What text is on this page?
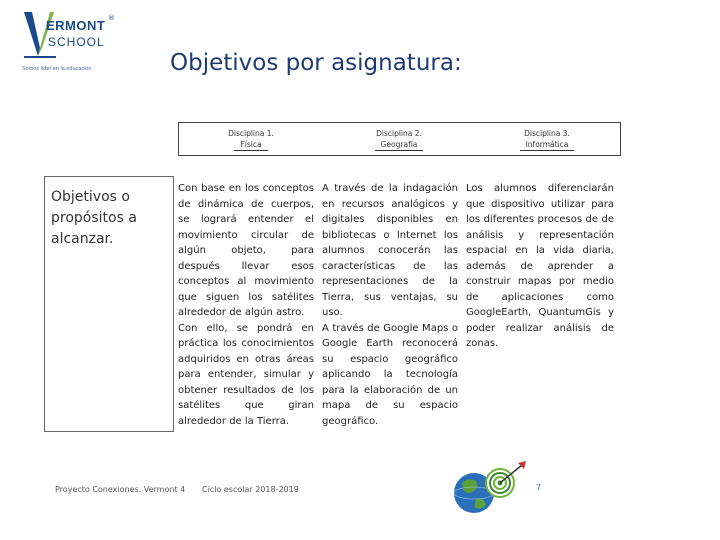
ERMONT ®
SCHOOL
Somos líder en la educación	Objetivos por asignatura:
Disciplina 1.
Física
Disciplina 2.
Geografía
Disciplina 3.
Informática
Objetivos o propósitos a alcanzar.

Con base en los conceptos de dinámica de cuerpos, se logrará entender el movimiento circular de algún objeto, para después llevar esos conceptos al movimiento que siguen los satélites alrededor de algún astro.

Con ello, se pondrá en práctica los conocimientos adquiridos en otras áreas para entender, simular y obtener resultados de los satélites que giran alrededor de la Tierra.

A través de la indagación en recursos analógicos y digitales disponibles en bibliotecas o Internet los alumnos conocerán las características de las representaciones de la Tierra, sus ventajas, su uso.

A través de Google Maps o Google Earth reconocerá su espacio geográfico aplicando la tecnología para la elaboración de un mapa de su espacio geográfico.

Los alumnos diferenciarán que dispositivo utilizar para los diferentes procesos de de análisis y representación espacial en la vida diaria, además de aprender a construir mapas por medio de aplicaciones como GoogleEarth, QuantumGis y poder realizar análisis de zonas.

Proyecto Conexiones. Vermont 4 Ciclo escolar 2018-2019	7
